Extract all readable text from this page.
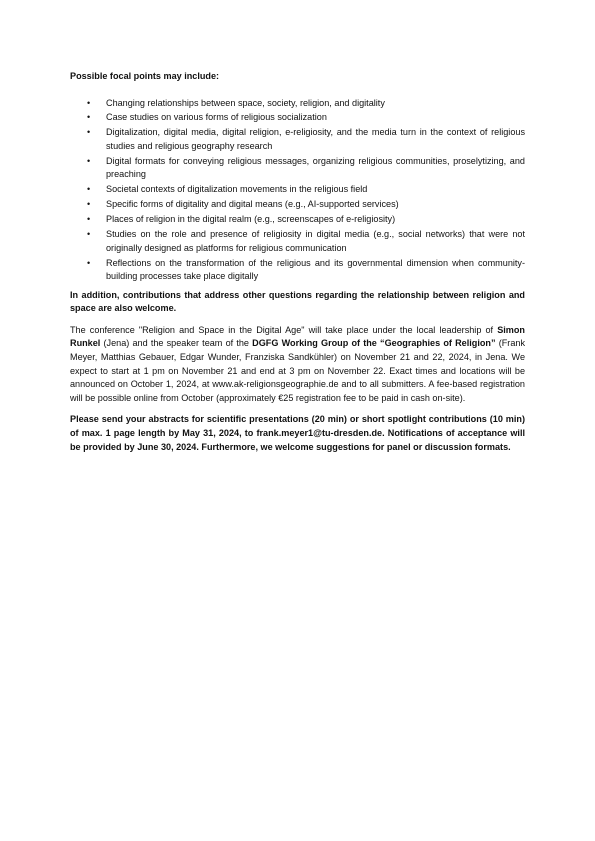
Possible focal points may include:
• Changing relationships between space, society, religion, and digitality
• Case studies on various forms of religious socialization
• Digitalization, digital media, digital religion, e-religiosity, and the media turn in the context of religious studies and religious geography research
• Digital formats for conveying religious messages, organizing religious communities, proselytizing, and preaching
• Societal contexts of digitalization movements in the religious field
• Specific forms of digitality and digital means (e.g., AI-supported services)
• Places of religion in the digital realm (e.g., screenscapes of e-religiosity)
• Studies on the role and presence of religiosity in digital media (e.g., social networks) that were not originally designed as platforms for religious communication
• Reflections on the transformation of the religious and its governmental dimension when community-building processes take place digitally

In addition, contributions that address other questions regarding the relationship between religion and space are also welcome.

The conference "Religion and Space in the Digital Age" will take place under the local leadership of Simon Runkel (Jena) and the speaker team of the DGFG Working Group of the “Geographies of Religion” (Frank Meyer, Matthias Gebauer, Edgar Wunder, Franziska Sandkühler) on November 21 and 22, 2024, in Jena. We expect to start at 1 pm on November 21 and end at 3 pm on November 22. Exact times and locations will be announced on October 1, 2024, at www.ak-religionsgeographie.de and to all submitters. A fee-based registration will be possible online from October (approximately €25 registration fee to be paid in cash on-site).

Please send your abstracts for scientific presentations (20 min) or short spotlight contributions (10 min) of max. 1 page length by May 31, 2024, to frank.meyer1@tu-dresden.de. Notifications of acceptance will be provided by June 30, 2024. Furthermore, we welcome suggestions for panel or discussion formats.
